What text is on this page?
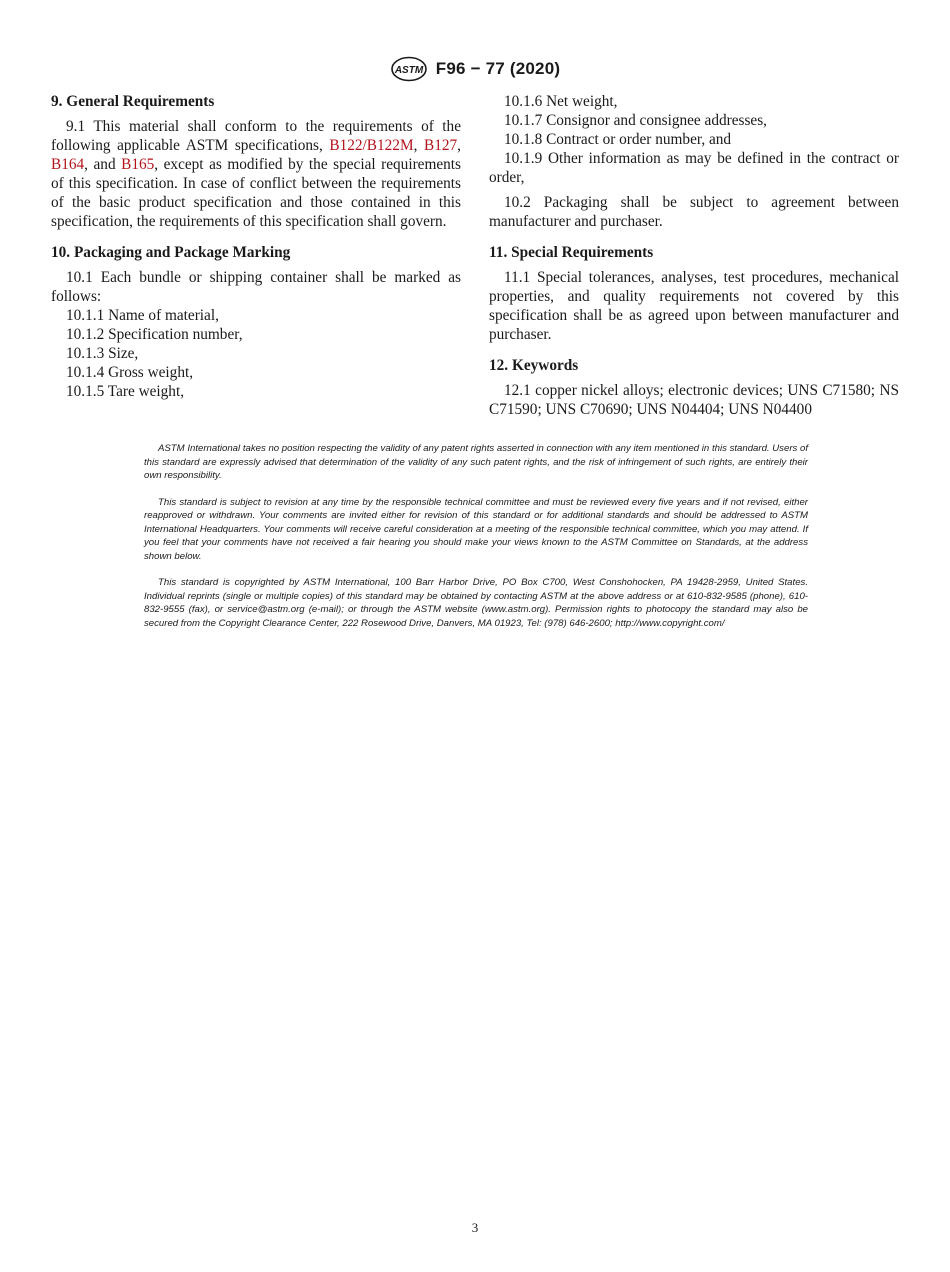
ASTM F96 − 77 (2020)
9. General Requirements

9.1 This material shall conform to the requirements of the following applicable ASTM specifications, B122/B122M, B127, B164, and B165, except as modified by the special requirements of this specification. In case of conflict between the requirements of the basic product specification and those contained in this specification, the requirements of this specification shall govern.

10. Packaging and Package Marking

10.1 Each bundle or shipping container shall be marked as follows:

10.1.1 Name of material,
10.1.2 Specification number,
10.1.3 Size,
10.1.4 Gross weight,
10.1.5 Tare weight,
10.1.6 Net weight,
10.1.7 Consignor and consignee addresses,
10.1.8 Contract or order number, and

10.1.9 Other information as may be defined in the contract or order,

10.2 Packaging shall be subject to agreement between manufacturer and purchaser.

11. Special Requirements

11.1 Special tolerances, analyses, test procedures, mechanical properties, and quality requirements not covered by this specification shall be as agreed upon between manufacturer and purchaser.

12. Keywords

12.1 copper nickel alloys; electronic devices; UNS C71580; NS C71590; UNS C70690; UNS N04404; UNS N04400

ASTM International takes no position respecting the validity of any patent rights asserted in connection with any item mentioned in this standard. Users of this standard are expressly advised that determination of the validity of any such patent rights, and the risk of infringement of such rights, are entirely their own responsibility.

This standard is subject to revision at any time by the responsible technical committee and must be reviewed every five years and if not revised, either reapproved or withdrawn. Your comments are invited either for revision of this standard or for additional standards and should be addressed to ASTM International Headquarters. Your comments will receive careful consideration at a meeting of the responsible technical committee, which you may attend. If you feel that your comments have not received a fair hearing you should make your views known to the ASTM Committee on Standards, at the address shown below.

This standard is copyrighted by ASTM International, 100 Barr Harbor Drive, PO Box C700, West Conshohocken, PA 19428-2959, United States. Individual reprints (single or multiple copies) of this standard may be obtained by contacting ASTM at the above address or at 610-832-9585 (phone), 610-832-9555 (fax), or service@astm.org (e-mail); or through the ASTM website (www.astm.org). Permission rights to photocopy the standard may also be secured from the Copyright Clearance Center, 222 Rosewood Drive, Danvers, MA 01923, Tel: (978) 646-2600; http://www.copyright.com/

3
